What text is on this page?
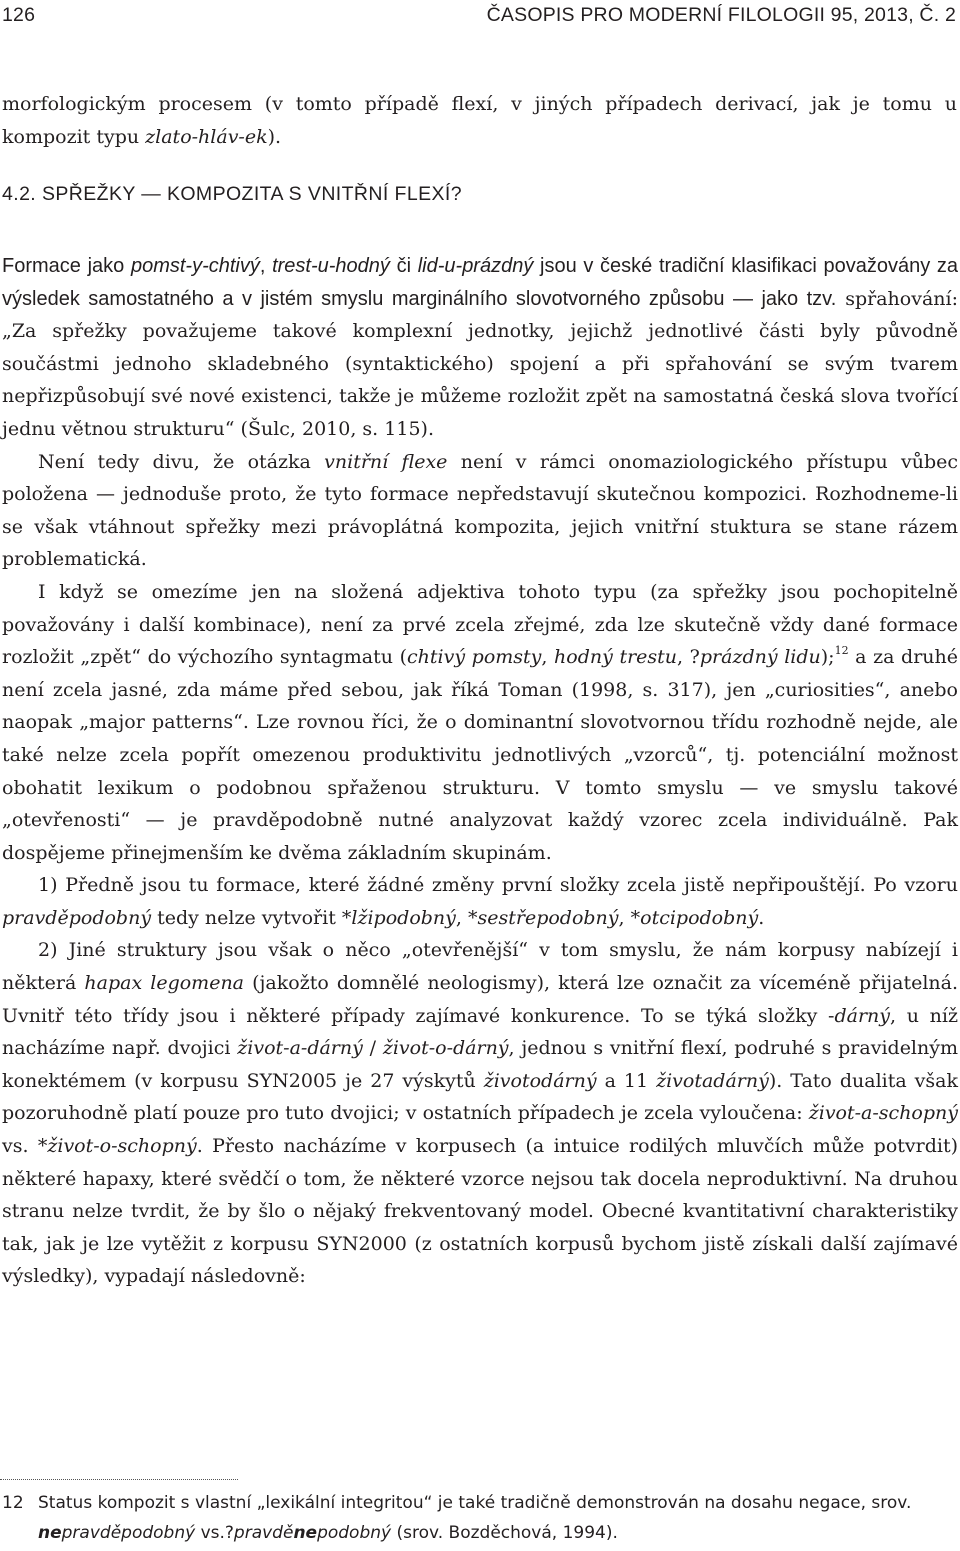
126	ČASOPIS PRO MODERNÍ FILOLOGII 95, 2013, Č. 2
morfologickým procesem (v tomto případě flexí, v jiných případech derivací, jak je tomu u kompozit typu zlato-hláv-ek).
4.2. SPŘEŽKY — KOMPOZITA S VNITŘNÍ FLEXÍ?

Formace jako pomst-y-chtivý, trest-u-hodný či lid-u-prázdný jsou v české tradiční klasifikaci považovány za výsledek samostatného a v jistém smyslu marginálního slovotvorného způsobu — jako tzv. spřahování: „Za spřežky považujeme takové komplexní jednotky, jejichž jednotlivé části byly původně součástmi jednoho skladebného (syntaktického) spojení a při spřahování se svým tvarem nepřizpůsobují své nové existenci, takže je můžeme rozložit zpět na samostatná česká slova tvořící jednu větnou strukturu“ (Šulc, 2010, s. 115).

Není tedy divu, že otázka vnitřní flexe není v rámci onomaziologického přístupu vůbec položena — jednoduše proto, že tyto formace nepředstavují skutečnou kompozici. Rozhodneme-li se však vtáhnout spřežky mezi právoplátná kompozita, jejich vnitřní stuktura se stane rázem problematická.

I když se omezíme jen na složená adjektiva tohoto typu (za spřežky jsou pochopitelně považovány i další kombinace), není za prvé zcela zřejmé, zda lze skutečně vždy dané formace rozložit „zpět“ do výchozího syntagmatu (chtivý pomsty, hodný trestu, ?prázdný lidu);$^{12}$ a za druhé není zcela jasné, zda máme před sebou, jak říká Toman (1998, s. 317), jen „curiosities“, anebo naopak „major patterns“. Lze rovnou říci, že o dominantní slovotvornou třídu rozhodně nejde, ale také nelze zcela popřít omezenou produktivitu jednotlivých „vzorců“, tj. potenciální možnost obohatit lexikum o podobnou spřaženou strukturu. V tomto smyslu — ve smyslu takové „otevřenosti“ — je pravděpodobně nutné analyzovat každý vzorec zcela individuálně. Pak dospějeme přinejmenším ke dvěma základním skupinám.

1) Předně jsou tu formace, které žádné změny první složky zcela jistě nepřipouštějí. Po vzoru pravděpodobný tedy nelze vytvořit *lžipodobný, *sestřepodobný, *otcipodobný.

2) Jiné struktury jsou však o něco „otevřenější“ v tom smyslu, že nám korpusy nabízejí i některá hapax legomena (jakožto domnělé neologismy), která lze označit za víceméně přijatelná. Uvnitř této třídy jsou i některé případy zajímavé konkurence. To se týká složky -dárný, u níž nacházíme např. dvojici život-a-dárný / život-o-dárný, jednou s vnitřní flexí, podruhé s pravidelným konektémem (v korpusu SYN2005 je 27 výskytů životodárný a 11 životadárný). Tato dualita však pozoruhodně platí pouze pro tuto dvojici; v ostatních případech je zcela vyloučena: život-a-schopný vs. *život-o-schopný. Přesto nacházíme v korpusech (a intuice rodilých mluvčích může potvrdit) některé hapaxy, které svědčí o tom, že některé vzorce nejsou tak docela neproduktivní. Na druhou stranu nelze tvrdit, že by šlo o nějaký frekventovaný model. Obecné kvantitativní charakteristiky tak, jak je lze vytěžit z korpusu SYN2000 (z ostatních korpusů bychom jistě získali další zajímavé výsledky), vypadají následovně:

12 Status kompozit s vlastní „lexikální integritou“ je také tradičně demonstrován na dosahu negace, srov. nepravděpodobný vs.?pravděnepodobný (srov. Bozděchová, 1994).
